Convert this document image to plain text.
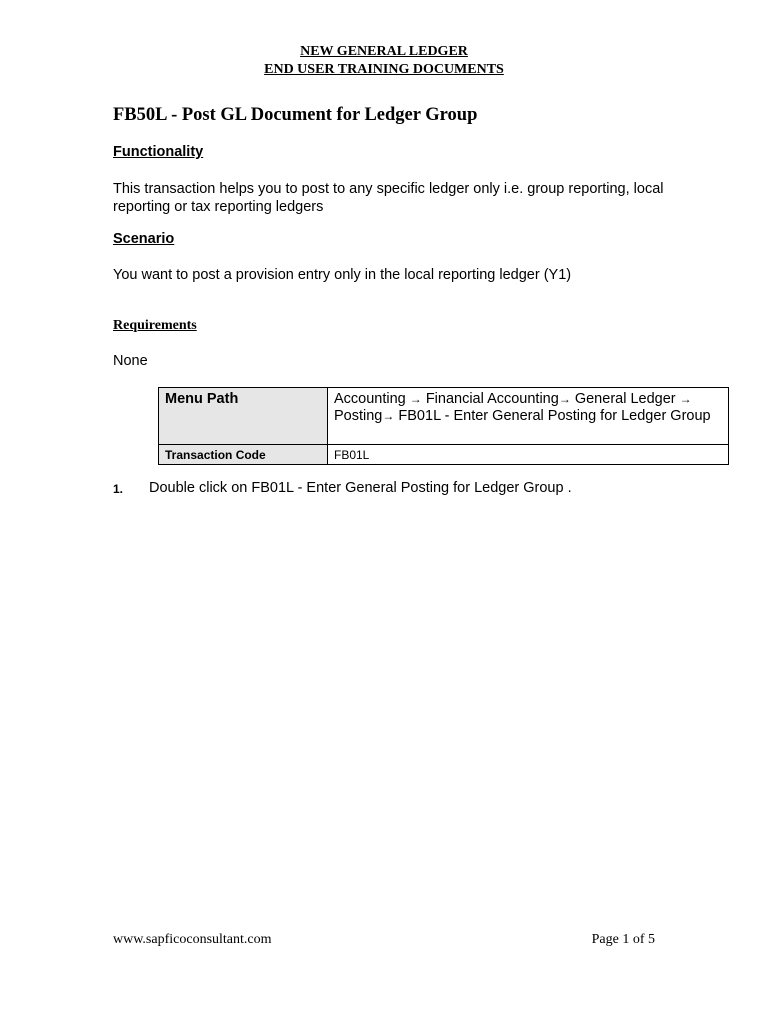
NEW GENERAL LEDGER
END USER TRAINING DOCUMENTS
FB50L - Post GL Document for Ledger Group
Functionality
This transaction helps you to post to any specific ledger only i.e. group reporting, local reporting or tax reporting ledgers
Scenario
You want to post a provision entry only in the local reporting ledger (Y1)
Requirements
None
Menu Path	Accounting → Financial Accounting→ General Ledger → Posting→ FB01L - Enter General Posting for Ledger Group
Transaction Code	FB01L
1. Double click on FB01L - Enter General Posting for Ledger Group .
www.sapficoconsultant.com	Page 1 of 5
